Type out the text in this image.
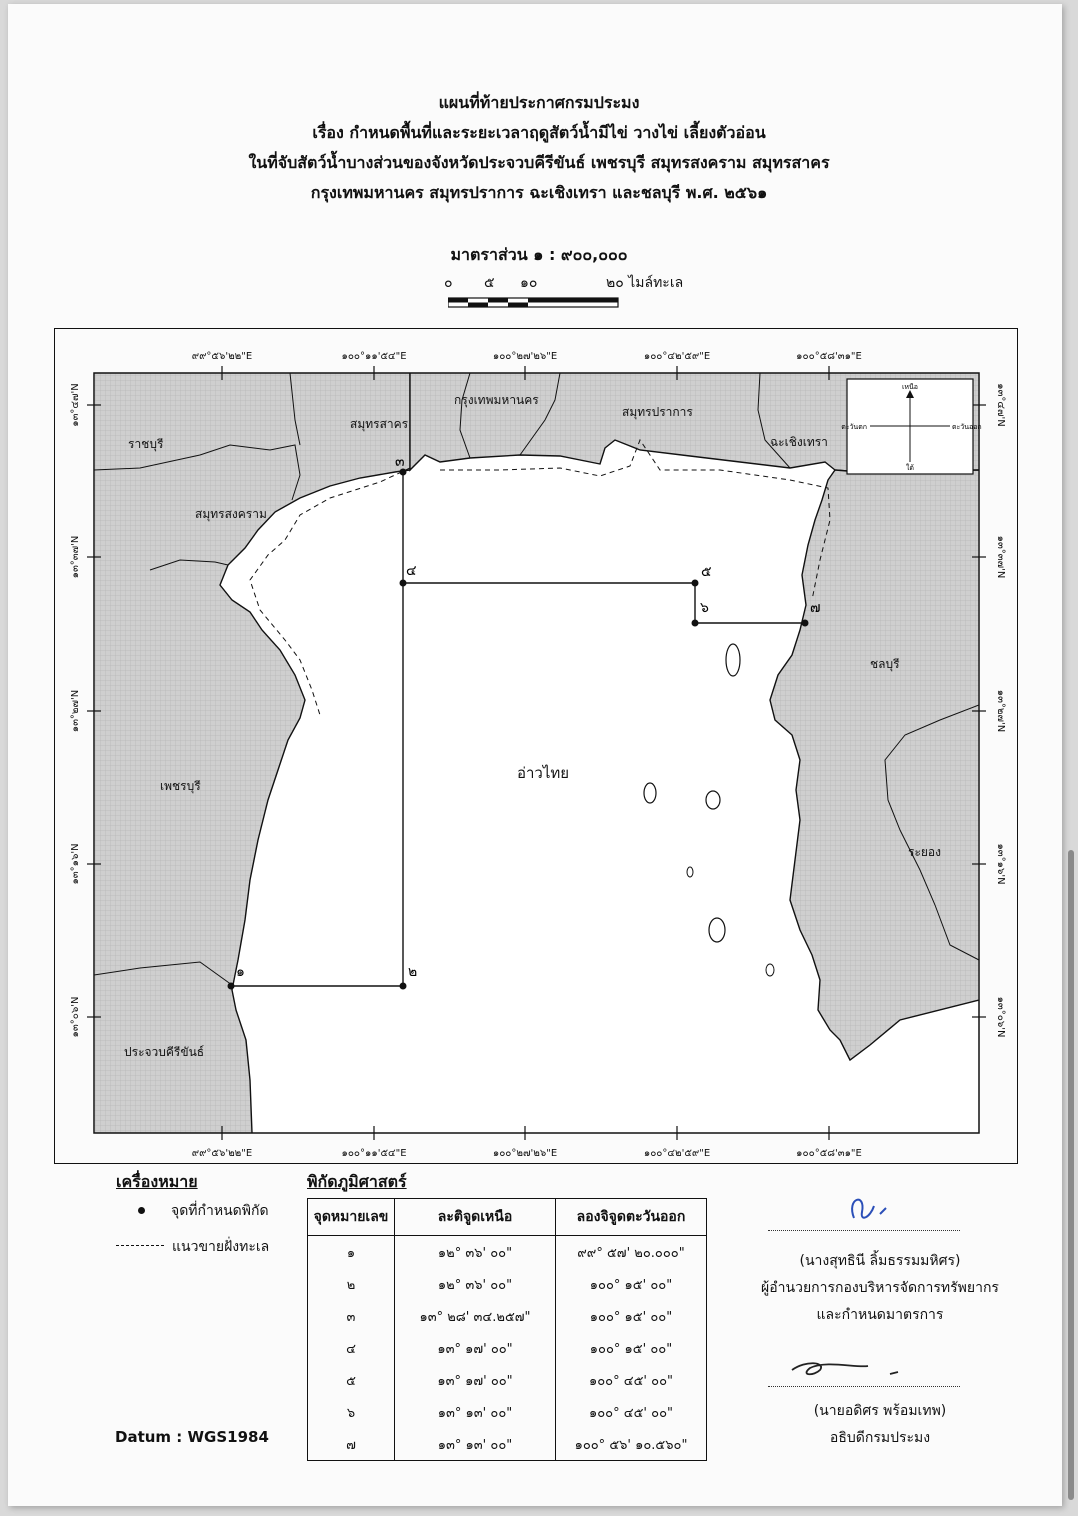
แผนที่ท้ายประกาศกรมประมง
เรื่อง กำหนดพื้นที่และระยะเวลาฤดูสัตว์น้ำมีไข่ วางไข่ เลี้ยงตัวอ่อน
ในที่จับสัตว์น้ำบางส่วนของจังหวัดประจวบคีรีขันธ์ เพชรบุรี สมุทรสงคราม สมุทรสาคร
กรุงเทพมหานคร สมุทรปราการ ฉะเชิงเทรา และชลบุรี พ.ศ. ๒๕๖๑
มาตราส่วน ๑ : ๙๐๐,๐๐๐
๐ ๕ ๑๐	๒๐ ไมล์ทะเล
๑	๒
๓
๔	๕
๖	๗
ราชบุรี
สมุทรสาคร
กรุงเทพมหานคร
สมุทรปราการ
ฉะเชิงเทรา
สมุทรสงคราม
ชลบุรี
เพชรบุรี
ระยอง
ประจวบคีรีขันธ์
อ่าวไทย
๙๙°๕๖'๒๒"E	๑๐๐°๑๑'๕๔"E	๑๐๐°๒๗'๒๖"E	๑๐๐°๔๒'๕๙"E	๑๐๐°๕๘'๓๑"E
๙๙°๕๖'๒๒"E	๑๐๐°๑๑'๕๔"E	๑๐๐°๒๗'๒๖"E	๑๐๐°๔๒'๕๙"E	๑๐๐°๕๘'๓๑"E
๑๓°๔๗'N
๑๓°๓๗'N
๑๓°๒๗'N
๑๓°๑๖'N
๑๓°๐๖'N
๑๓°๔๗'N
๑๓°๓๗'N
๑๓°๒๗'N
๑๓°๑๖'N
๑๓°๐๖'N
เหนือ
ใต้
ตะวันออก
ตะวันตก
เครื่องหมาย
จุดที่กำหนดพิกัด
แนวขายฝั่งทะเล
พิกัดภูมิศาสตร์
จุดหมายเลข	ละติจูดเหนือ	ลองจิจูดตะวันออก
๑	๑๒° ๓๖' ๐๐"	๙๙° ๕๗' ๒๐.๐๐๐"
๒	๑๒° ๓๖' ๐๐"	๑๐๐° ๑๕' ๐๐"
๓	๑๓° ๒๘' ๓๔.๒๕๗"	๑๐๐° ๑๕' ๐๐"
๔	๑๓° ๑๗' ๐๐"	๑๐๐° ๑๕' ๐๐"
๕	๑๓° ๑๗' ๐๐"	๑๐๐° ๔๕' ๐๐"
๖	๑๓° ๑๓' ๐๐"	๑๐๐° ๔๕' ๐๐"
๗	๑๓° ๑๓' ๐๐"	๑๐๐° ๕๖' ๑๐.๕๖๐"
(นางสุทธินี ลิ้มธรรมมหิศร)
ผู้อำนวยการกองบริหารจัดการทรัพยากร
และกำหนดมาตรการ
(นายอดิศร พร้อมเทพ)
อธิบดีกรมประมง
Datum : WGS1984
